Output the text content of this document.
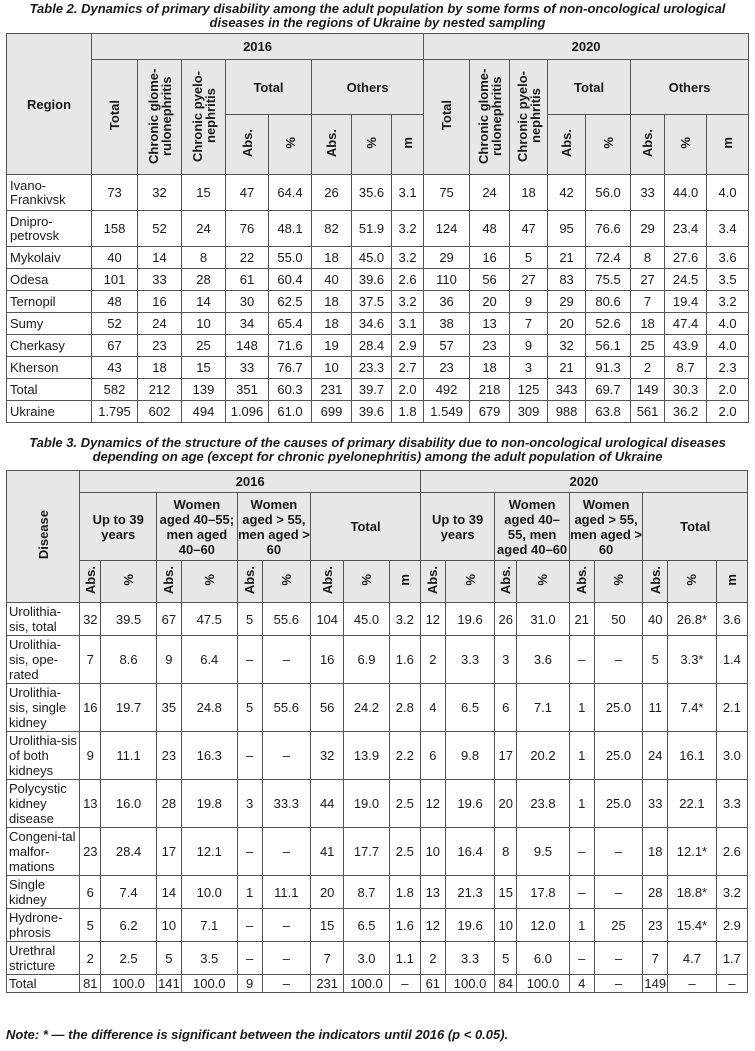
Table 2. Dynamics of primary disability among the adult population by some forms of non-oncological urological diseases in the regions of Ukraine by nested sampling
Region	2016								2020							
	Total	Chronic glome-rulonephritis	Chronic pyelo-nephritis	Total		Others			Total	Chronic glome-rulonephritis	Chronic pyelo-nephritis	Total		Others		
				Abs.	%	Abs.	%	m				Abs.	%	Abs.	%	m
Ivano-Frankivsk	73	32	15	47	64.4	26	35.6	3.1	75	24	18	42	56.0	33	44.0	4.0
Dnipro-petrovsk	158	52	24	76	48.1	82	51.9	3.2	124	48	47	95	76.6	29	23.4	3.4
Mykolaiv	40	14	8	22	55.0	18	45.0	3.2	29	16	5	21	72.4	8	27.6	3.6
Odesa	101	33	28	61	60.4	40	39.6	2.6	110	56	27	83	75.5	27	24.5	3.5
Ternopil	48	16	14	30	62.5	18	37.5	3.2	36	20	9	29	80.6	7	19.4	3.2
Sumy	52	24	10	34	65.4	18	34.6	3.1	38	13	7	20	52.6	18	47.4	4.0
Cherkasy	67	23	25	148	71.6	19	28.4	2.9	57	23	9	32	56.1	25	43.9	4.0
Kherson	43	18	15	33	76.7	10	23.3	2.7	23	18	3	21	91.3	2	8.7	2.3
Total	582	212	139	351	60.3	231	39.7	2.0	492	218	125	343	69.7	149	30.3	2.0
Ukraine	1.795	602	494	1.096	61.0	699	39.6	1.8	1.549	679	309	988	63.8	561	36.2	2.0
Table 3. Dynamics of the structure of the causes of primary disability due to non-oncological urological diseases depending on age (except for chronic pyelonephritis) among the adult population of Ukraine
Disease	2016									2020								
	Up to 39 years		Women aged 40–55; men aged 40–60		Women aged > 55, men aged > 60		Total			Up to 39 years		Women aged 40–55, men aged 40–60		Women aged > 55, men aged > 60		Total		
	Abs.	%	Abs.	%	Abs.	%	Abs.	%	m	Abs.	%	Abs.	%	Abs.	%	Abs.	%	m
Urolithia-sis, total	32	39.5	67	47.5	5	55.6	104	45.0	3.2	12	19.6	26	31.0	21	50	40	26.8*	3.6
Urolithia-sis, ope-rated	7	8.6	9	6.4	–	–	16	6.9	1.6	2	3.3	3	3.6	–	–	5	3.3*	1.4
Urolithia-sis, single kidney	16	19.7	35	24.8	5	55.6	56	24.2	2.8	4	6.5	6	7.1	1	25.0	11	7.4*	2.1
Urolithia-sis of both kidneys	9	11.1	23	16.3	–	–	32	13.9	2.2	6	9.8	17	20.2	1	25.0	24	16.1	3.0
Polycystic kidney disease	13	16.0	28	19.8	3	33.3	44	19.0	2.5	12	19.6	20	23.8	1	25.0	33	22.1	3.3
Congeni-tal malfor-mations	23	28.4	17	12.1	–	–	41	17.7	2.5	10	16.4	8	9.5	–	–	18	12.1*	2.6
Single kidney	6	7.4	14	10.0	1	11.1	20	8.7	1.8	13	21.3	15	17.8	–	–	28	18.8*	3.2
Hydrone-phrosis	5	6.2	10	7.1	–	–	15	6.5	1.6	12	19.6	10	12.0	1	25	23	15.4*	2.9
Urethral stricture	2	2.5	5	3.5	–	–	7	3.0	1.1	2	3.3	5	6.0	–	–	7	4.7	1.7
Total	81	100.0	141	100.0	9	–	231	100.0	–	61	100.0	84	100.0	4	–	149	–	–
Note: * — the difference is significant between the indicators until 2016 (p < 0.05).
